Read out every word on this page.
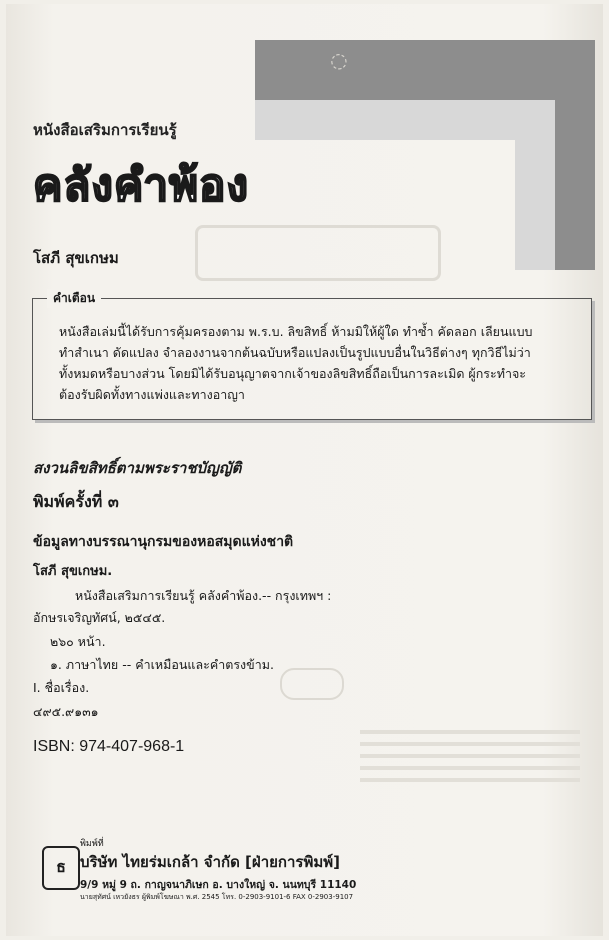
◌
หนังสือเสริมการเรียนรู้
คลังคำพ้อง
โสภี สุขเกษม
คำเตือน
หนังสือเล่มนี้ได้รับการคุ้มครองตาม พ.ร.บ. ลิขสิทธิ์ ห้ามมิให้ผู้ใด ทำซ้ำ คัดลอก เลียนแบบ
ทำสำเนา ดัดแปลง จำลองงานจากต้นฉบับหรือแปลงเป็นรูปแบบอื่นในวิธีต่างๆ ทุกวิธีไม่ว่า
ทั้งหมดหรือบางส่วน โดยมิได้รับอนุญาตจากเจ้าของลิขสิทธิ์ถือเป็นการละเมิด ผู้กระทำจะ
ต้องรับผิดทั้งทางแพ่งและทางอาญา
สงวนลิขสิทธิ์ตามพระราชบัญญัติ
พิมพ์ครั้งที่ ๓
ข้อมูลทางบรรณานุกรมของหอสมุดแห่งชาติ
โสภี สุขเกษม.
หนังสือเสริมการเรียนรู้ คลังคำพ้อง.-- กรุงเทพฯ :
อักษรเจริญทัศน์, ๒๕๔๕.
๒๖๐ หน้า.
๑. ภาษาไทย -- คำเหมือนและคำตรงข้าม.
I. ชื่อเรื่อง.
๔๙๕.๙๑๓๑
ISBN: 974-407-968-1
ธ
พิมพ์ที่
บริษัท ไทยร่มเกล้า จำกัด [ฝ่ายการพิมพ์]
9/9 หมู่ 9 ถ. กาญจนาภิเษก อ. บางใหญ่ จ. นนทบุรี 11140
นายสุทัศน์ เหวยังธร ผู้พิมพ์โฆษณา พ.ศ. 2545 โทร. 0-2903-9101-6 FAX 0-2903-9107
